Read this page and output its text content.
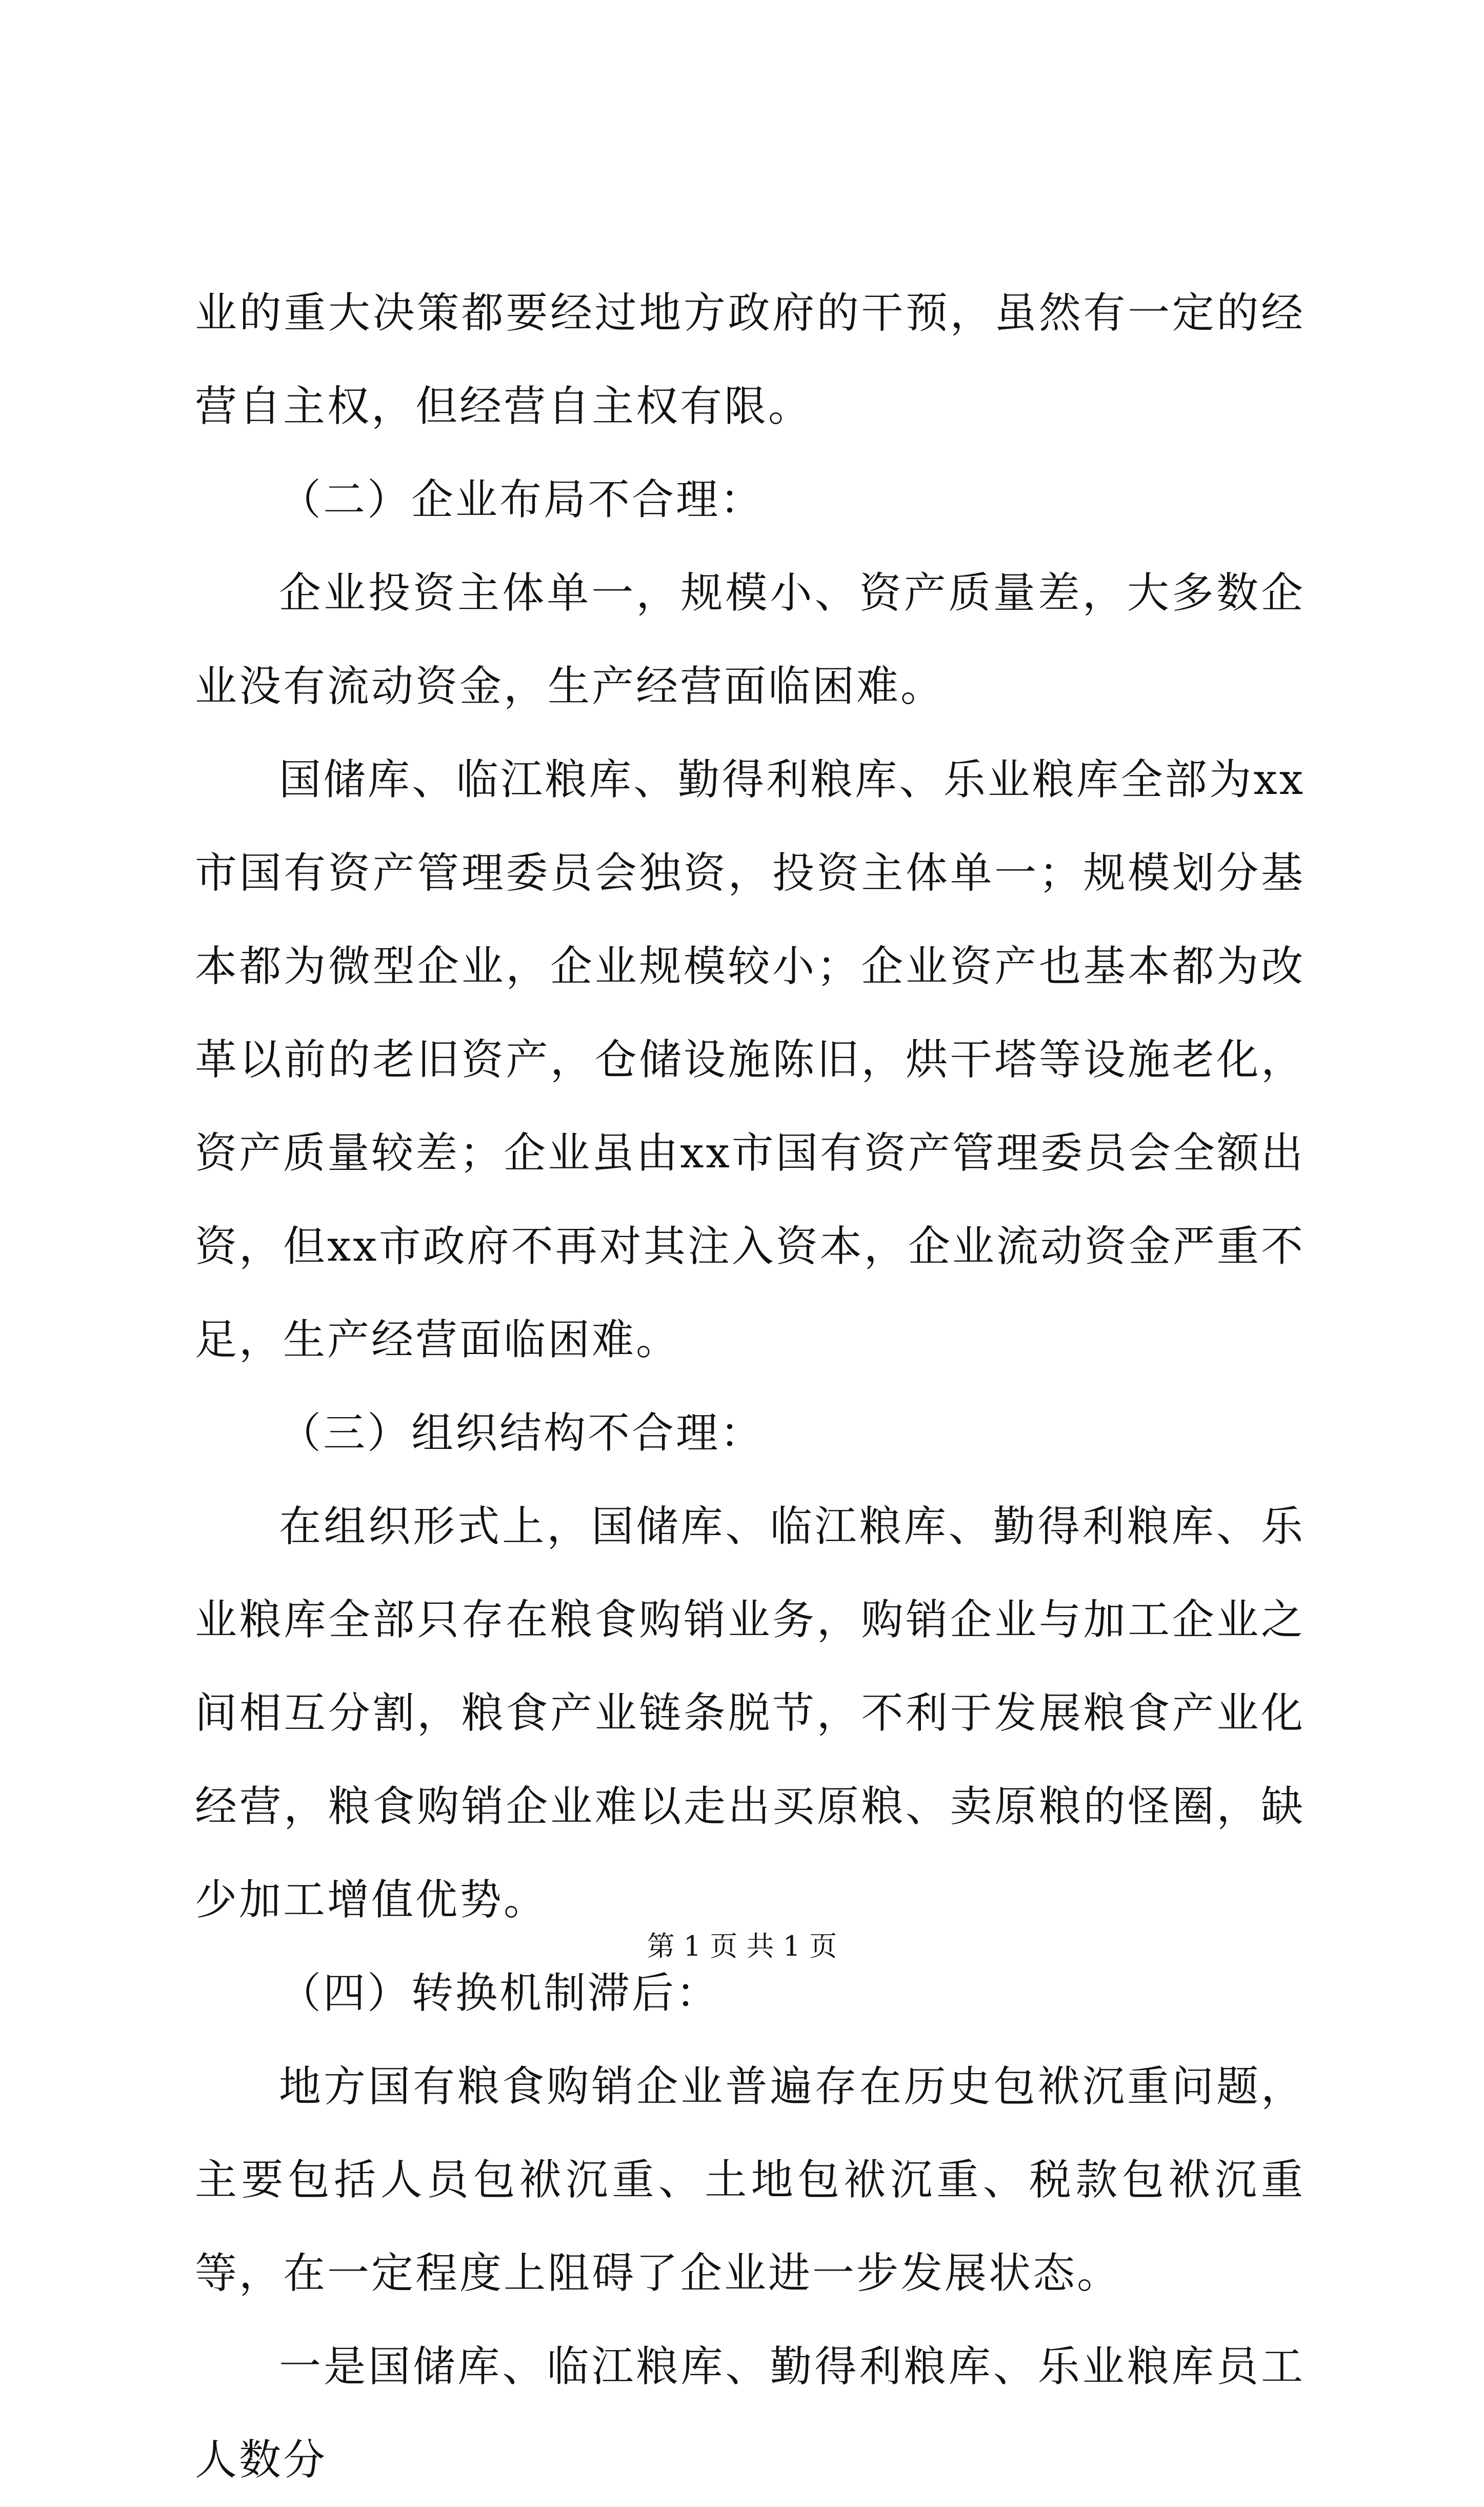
业的重大决策都要经过地方政府的干预，虽然有一定的经营自主权，但经营自主权有限。

（二）企业布局不合理：

企业投资主体单一，规模小、资产质量差，大多数企业没有流动资金，生产经营面临困难。

国储库、临江粮库、勤得利粮库、乐业粮库全部为xx市国有资产管理委员会独资，投资主体单一；规模划分基本都为微型企业，企业规模较小；企业资产也基本都为改革以前的老旧资产，仓储设施陈旧，烘干塔等设施老化，资产质量较差；企业虽由xx市国有资产管理委员会全额出资，但xx市政府不再对其注入资本，企业流动资金严重不足，生产经营面临困难。

（三）组织结构不合理：

在组织形式上，国储库、临江粮库、勤得利粮库、乐业粮库全部只存在粮食购销业务，购销企业与加工企业之间相互分割，粮食产业链条脱节，不利于发展粮食产业化经营，粮食购销企业难以走出买原粮、卖原粮的怪圈，缺少加工增值优势。

（四）转换机制滞后：

地方国有粮食购销企业普遍存在历史包袱沉重问题，主要包括人员包袱沉重、土地包袱沉重、税款包袱沉重等，在一定程度上阻碍了企业进一步发展状态。

一是国储库、临江粮库、勤得利粮库、乐业粮库员工人数分

第 1 页 共 1 页
